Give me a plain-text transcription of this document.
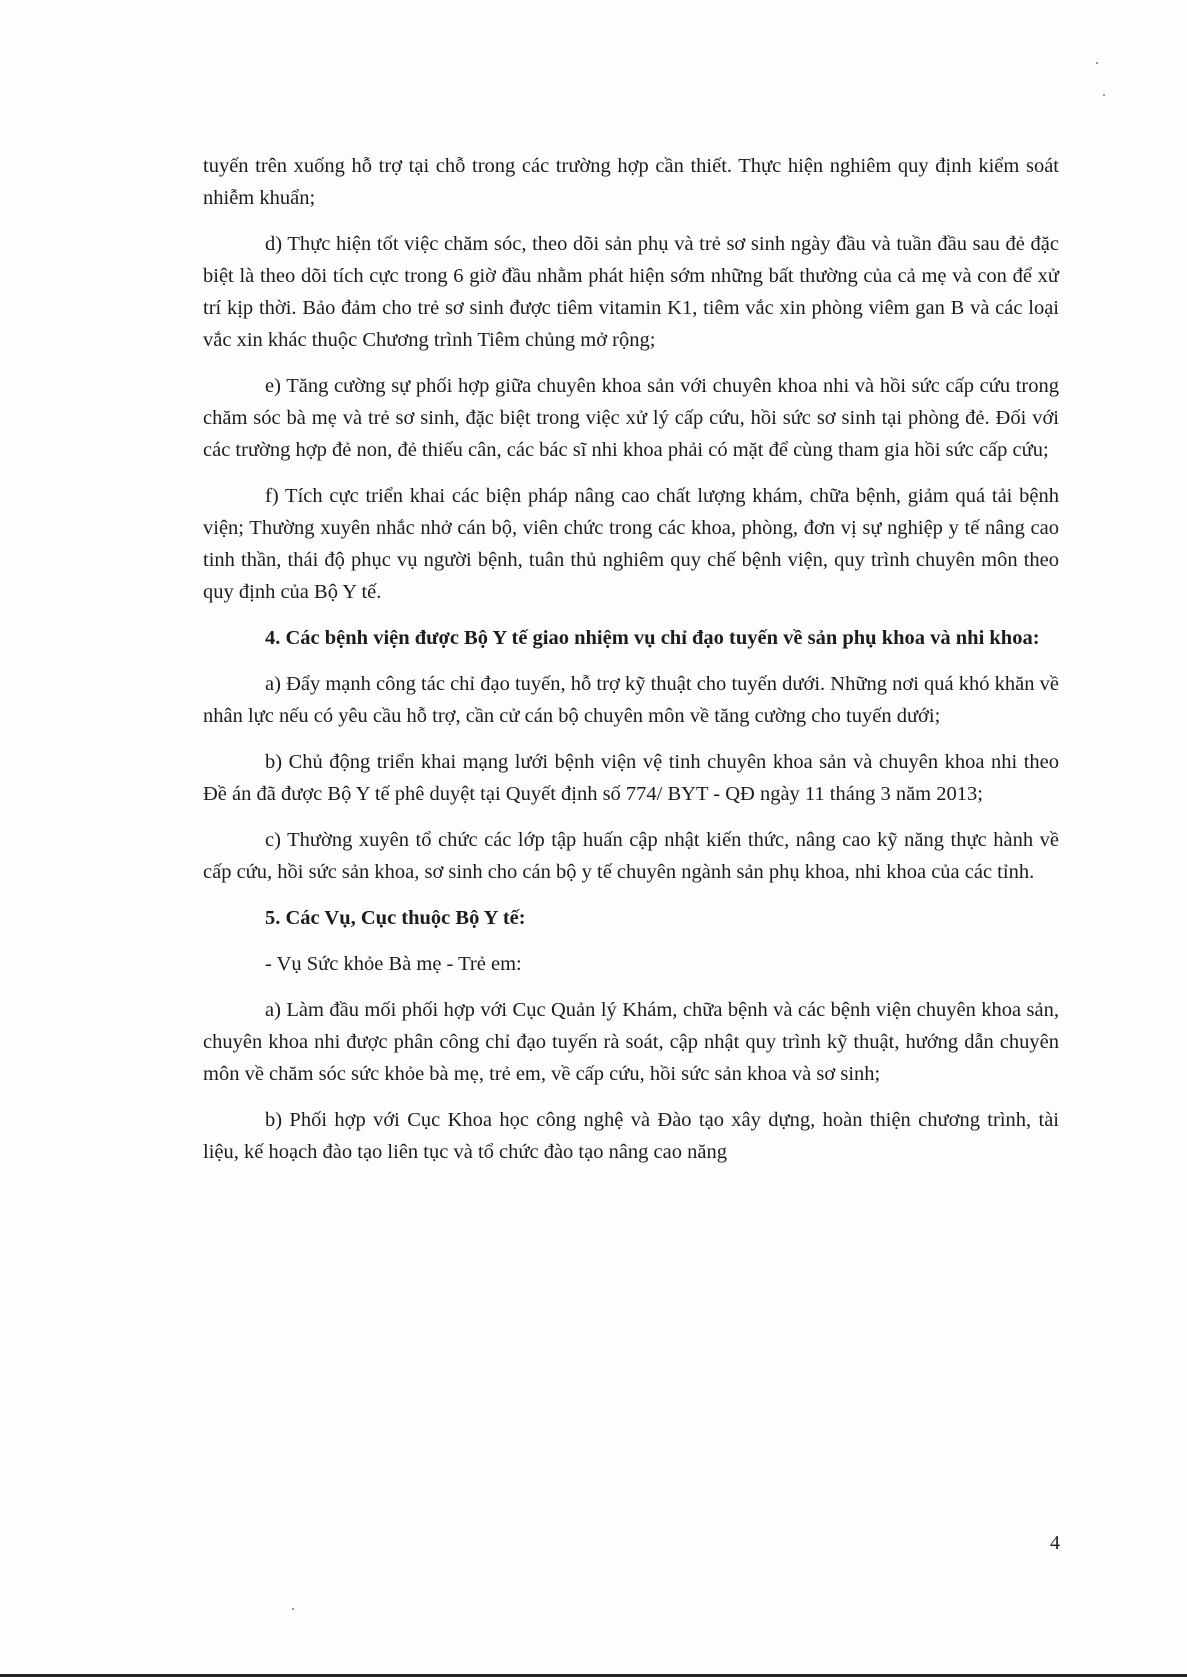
tuyến trên xuống hỗ trợ tại chỗ trong các trường hợp cần thiết. Thực hiện nghiêm quy định kiểm soát nhiễm khuẩn;

d) Thực hiện tốt việc chăm sóc, theo dõi sản phụ và trẻ sơ sinh ngày đầu và tuần đầu sau đẻ đặc biệt là theo dõi tích cực trong 6 giờ đầu nhằm phát hiện sớm những bất thường của cả mẹ và con để xử trí kịp thời. Bảo đảm cho trẻ sơ sinh được tiêm vitamin K1, tiêm vắc xin phòng viêm gan B và các loại vắc xin khác thuộc Chương trình Tiêm chủng mở rộng;

e) Tăng cường sự phối hợp giữa chuyên khoa sản với chuyên khoa nhi và hồi sức cấp cứu trong chăm sóc bà mẹ và trẻ sơ sinh, đặc biệt trong việc xử lý cấp cứu, hồi sức sơ sinh tại phòng đẻ. Đối với các trường hợp đẻ non, đẻ thiếu cân, các bác sĩ nhi khoa phải có mặt để cùng tham gia hồi sức cấp cứu;

f) Tích cực triển khai các biện pháp nâng cao chất lượng khám, chữa bệnh, giảm quá tải bệnh viện; Thường xuyên nhắc nhở cán bộ, viên chức trong các khoa, phòng, đơn vị sự nghiệp y tế nâng cao tinh thần, thái độ phục vụ người bệnh, tuân thủ nghiêm quy chế bệnh viện, quy trình chuyên môn theo quy định của Bộ Y tế.

4. Các bệnh viện được Bộ Y tế giao nhiệm vụ chỉ đạo tuyến về sản phụ khoa và nhi khoa:

a) Đẩy mạnh công tác chỉ đạo tuyến, hỗ trợ kỹ thuật cho tuyến dưới. Những nơi quá khó khăn về nhân lực nếu có yêu cầu hỗ trợ, cần cử cán bộ chuyên môn về tăng cường cho tuyến dưới;

b) Chủ động triển khai mạng lưới bệnh viện vệ tinh chuyên khoa sản và chuyên khoa nhi theo Đề án đã được Bộ Y tế phê duyệt tại Quyết định số 774/ BYT - QĐ ngày 11 tháng 3 năm 2013;

c) Thường xuyên tổ chức các lớp tập huấn cập nhật kiến thức, nâng cao kỹ năng thực hành về cấp cứu, hồi sức sản khoa, sơ sinh cho cán bộ y tế chuyên ngành sản phụ khoa, nhi khoa của các tỉnh.

5. Các Vụ, Cục thuộc Bộ Y tế:

- Vụ Sức khỏe Bà mẹ - Trẻ em:

a) Làm đầu mối phối hợp với Cục Quản lý Khám, chữa bệnh và các bệnh viện chuyên khoa sản, chuyên khoa nhi được phân công chỉ đạo tuyến rà soát, cập nhật quy trình kỹ thuật, hướng dẫn chuyên môn về chăm sóc sức khỏe bà mẹ, trẻ em, về cấp cứu, hồi sức sản khoa và sơ sinh;

b) Phối hợp với Cục Khoa học công nghệ và Đào tạo xây dựng, hoàn thiện chương trình, tài liệu, kế hoạch đào tạo liên tục và tổ chức đào tạo nâng cao năng

4
